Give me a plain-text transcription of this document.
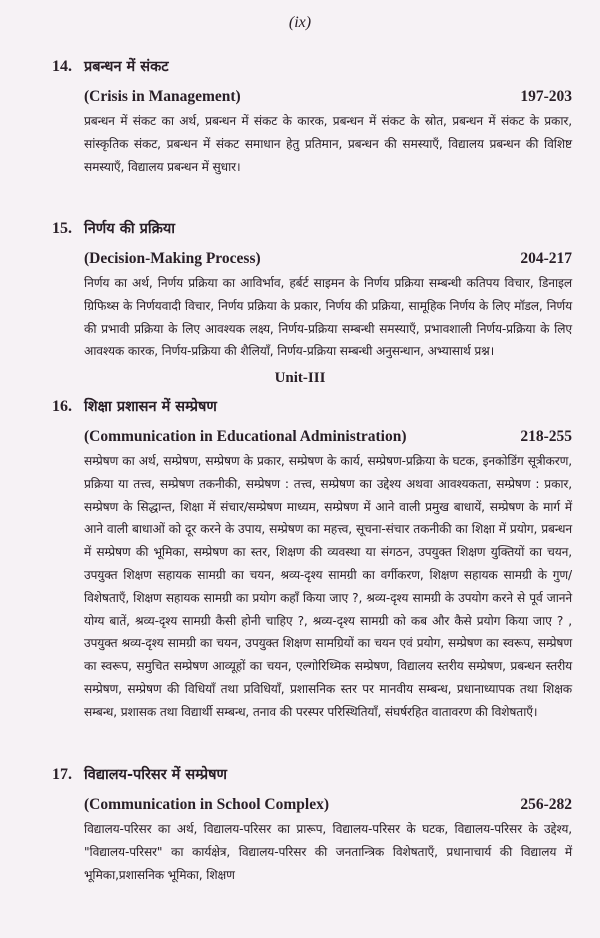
(ix)
14. प्रबन्धन में संकट
(Crisis in Management)	197-203
प्रबन्धन में संकट का अर्थ, प्रबन्धन में संकट के कारक, प्रबन्धन में संकट के स्रोत, प्रबन्धन में संकट के प्रकार, सांस्कृतिक संकट, प्रबन्धन में संकट समाधान हेतु प्रतिमान, प्रबन्धन की समस्याएँ, विद्यालय प्रबन्धन की विशिष्ट समस्याएँ, विद्यालय प्रबन्धन में सुधार।
15. निर्णय की प्रक्रिया
(Decision-Making Process)	204-217
निर्णय का अर्थ, निर्णय प्रक्रिया का आविर्भाव, हर्बर्ट साइमन के निर्णय प्रक्रिया सम्बन्धी कतिपय विचार, डिनाइल ग्रिफिथ्स के निर्णयवादी विचार, निर्णय प्रक्रिया के प्रकार, निर्णय की प्रक्रिया, सामूहिक निर्णय के लिए मॉडल, निर्णय की प्रभावी प्रक्रिया के लिए आवश्यक लक्ष्य, निर्णय-प्रक्रिया सम्बन्धी समस्याएँ, प्रभावशाली निर्णय-प्रक्रिया के लिए आवश्यक कारक, निर्णय-प्रक्रिया की शैलियाँ, निर्णय-प्रक्रिया सम्बन्धी अनुसन्धान, अभ्यासार्थ प्रश्न।
Unit-III
16. शिक्षा प्रशासन में सम्प्रेषण
(Communication in Educational Administration)	218-255
सम्प्रेषण का अर्थ, सम्प्रेषण, सम्प्रेषण के प्रकार, सम्प्रेषण के कार्य, सम्प्रेषण-प्रक्रिया के घटक, इनकोडिंग सूत्रीकरण, प्रक्रिया या तत्त्व, सम्प्रेषण तकनीकी, सम्प्रेषण : तत्त्व, सम्प्रेषण का उद्देश्य अथवा आवश्यकता, सम्प्रेषण : प्रकार, सम्प्रेषण के सिद्धान्त, शिक्षा में संचार/सम्प्रेषण माध्यम, सम्प्रेषण में आने वाली प्रमुख बाधायें, सम्प्रेषण के मार्ग में आने वाली बाधाओं को दूर करने के उपाय, सम्प्रेषण का महत्त्व, सूचना-संचार तकनीकी का शिक्षा में प्रयोग, प्रबन्धन में सम्प्रेषण की भूमिका, सम्प्रेषण का स्तर, शिक्षण की व्यवस्था या संगठन, उपयुक्त शिक्षण युक्तियों का चयन, उपयुक्त शिक्षण सहायक सामग्री का चयन, श्रव्य-दृश्य सामग्री का वर्गीकरण, शिक्षण सहायक सामग्री के गुण/विशेषताएँ, शिक्षण सहायक सामग्री का प्रयोग कहाँ किया जाए ?, श्रव्य-दृश्य सामग्री के उपयोग करने से पूर्व जानने योग्य बातें, श्रव्य-दृश्य सामग्री कैसी होनी चाहिए ?, श्रव्य-दृश्य सामग्री को कब और कैसे प्रयोग किया जाए ? , उपयुक्त श्रव्य-दृश्य सामग्री का चयन, उपयुक्त शिक्षण सामग्रियों का चयन एवं प्रयोग, सम्प्रेषण का स्वरूप, सम्प्रेषण का स्वरूप, समुचित सम्प्रेषण आव्यूहों का चयन, एल्गोरिथ्मिक सम्प्रेषण, विद्यालय स्तरीय सम्प्रेषण, प्रबन्धन स्तरीय सम्प्रेषण, सम्प्रेषण की विधियाँ तथा प्रविधियाँ, प्रशासनिक स्तर पर मानवीय सम्बन्ध, प्रधानाध्यापक तथा शिक्षक सम्बन्ध, प्रशासक तथा विद्यार्थी सम्बन्ध, तनाव की परस्पर परिस्थितियाँ, संघर्षरहित वातावरण की विशेषताएँ।
17. विद्यालय-परिसर में सम्प्रेषण
(Communication in School Complex)	256-282
विद्यालय-परिसर का अर्थ, विद्यालय-परिसर का प्रारूप, विद्यालय-परिसर के घटक, विद्यालय-परिसर के उद्देश्य, "विद्यालय-परिसर" का कार्यक्षेत्र, विद्यालय-परिसर की जनतान्त्रिक विशेषताएँ, प्रधानाचार्य की विद्यालय में भूमिका,प्रशासनिक भूमिका, शिक्षण
